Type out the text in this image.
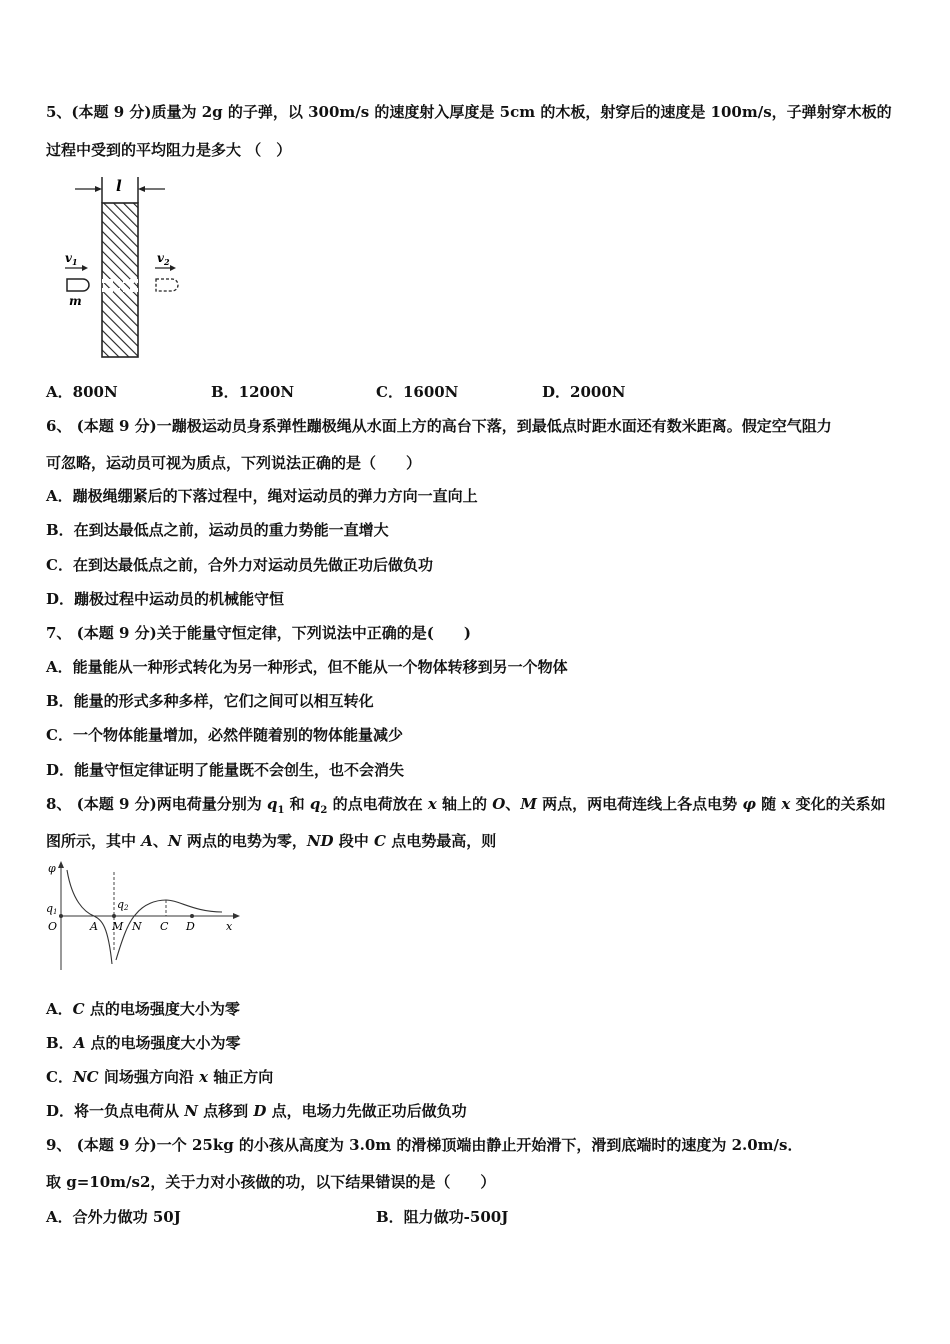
5、(本题 9 分)质量为 2g 的子弹，以 300m/s 的速度射入厚度是 5cm 的木板，射穿后的速度是 100m/s，子弹射穿木板的
过程中受到的平均阻力是多大 （　）
l
$v_1$
m
$v_2$
A．800N	B．1200N	C．1600N	D．2000N
6、 (本题 9 分)一蹦极运动员身系弹性蹦极绳从水面上方的高台下落，到最低点时距水面还有数米距离。假定空气阻力
可忽略，运动员可视为质点，下列说法正确的是（　　）
A．蹦极绳绷紧后的下落过程中，绳对运动员的弹力方向一直向上
B．在到达最低点之前，运动员的重力势能一直增大
C．在到达最低点之前，合外力对运动员先做正功后做负功
D．蹦极过程中运动员的机械能守恒
7、 (本题 9 分)关于能量守恒定律，下列说法中正确的是(　　)
A．能量能从一种形式转化为另一种形式，但不能从一个物体转移到另一个物体
B．能量的形式多种多样，它们之间可以相互转化
C．一个物体能量增加，必然伴随着别的物体能量减少
D．能量守恒定律证明了能量既不会创生，也不会消失
8、 (本题 9 分)两电荷量分别为 $q_1$ 和 $q_2$ 的点电荷放在 x 轴上的 O、M 两点，两电荷连线上各点电势 φ 随 x 变化的关系如
图所示，其中 A、N 两点的电势为零，ND 段中 C 点电势最高，则
φ
q1
O
q2
A M N C D	x
A．C 点的电场强度大小为零
B．A 点的电场强度大小为零
C．NC 间场强方向沿 x 轴正方向
D．将一负点电荷从 N 点移到 D 点，电场力先做正功后做负功
9、 (本题 9 分)一个 25kg 的小孩从高度为 3.0m 的滑梯顶端由静止开始滑下，滑到底端时的速度为 2.0m/s．
取 g=10m/s2，关于力对小孩做的功，以下结果错误的是（　　）
A．合外力做功 50J	B．阻力做功-500J
